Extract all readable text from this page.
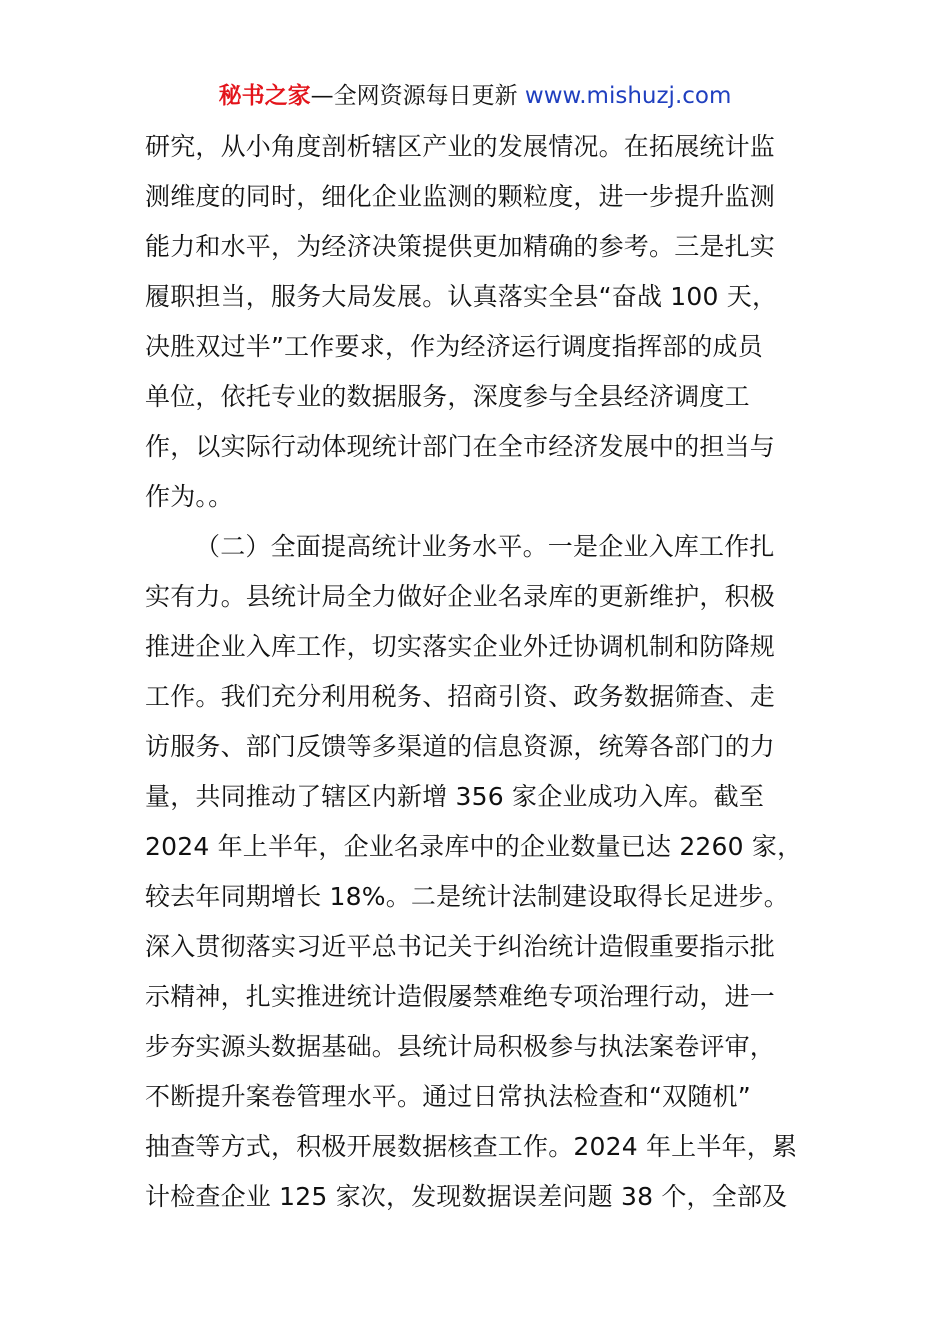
秘书之家—全网资源每日更新 www.mishuzj.com
研究，从小角度剖析辖区产业的发展情况。在拓展统计监
测维度的同时，细化企业监测的颗粒度，进一步提升监测
能力和水平，为经济决策提供更加精确的参考。三是扎实
履职担当，服务大局发展。认真落实全县“奋战 100 天，
决胜双过半”工作要求，作为经济运行调度指挥部的成员
单位，依托专业的数据服务，深度参与全县经济调度工
作，以实际行动体现统计部门在全市经济发展中的担当与
作为。。
（二）全面提高统计业务水平。一是企业入库工作扎
实有力。县统计局全力做好企业名录库的更新维护，积极
推进企业入库工作，切实落实企业外迁协调机制和防降规
工作。我们充分利用税务、招商引资、政务数据筛查、走
访服务、部门反馈等多渠道的信息资源，统筹各部门的力
量，共同推动了辖区内新增 356 家企业成功入库。截至
2024 年上半年，企业名录库中的企业数量已达 2260 家，
较去年同期增长 18%。二是统计法制建设取得长足进步。
深入贯彻落实习近平总书记关于纠治统计造假重要指示批
示精神，扎实推进统计造假屡禁难绝专项治理行动，进一
步夯实源头数据基础。县统计局积极参与执法案卷评审，
不断提升案卷管理水平。通过日常执法检查和“双随机”
抽查等方式，积极开展数据核查工作。2024 年上半年，累
计检查企业 125 家次，发现数据误差问题 38 个，全部及
